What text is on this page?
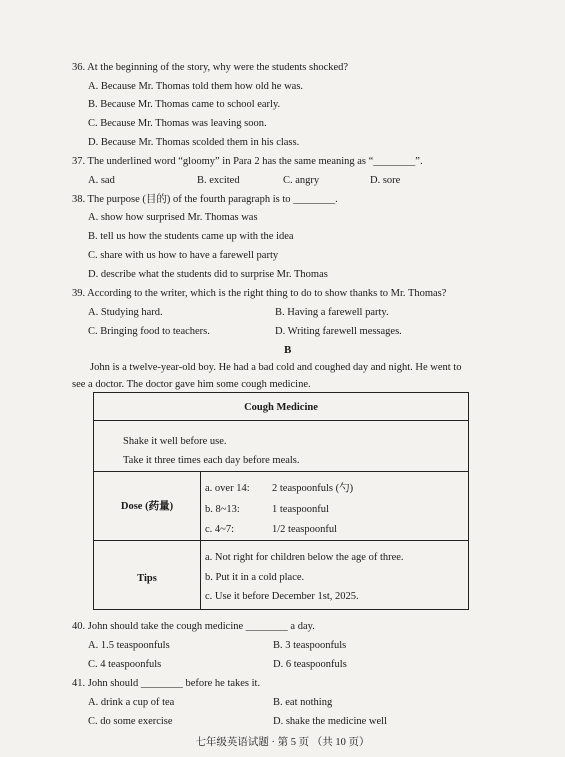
36. At the beginning of the story, why were the students shocked?
A. Because Mr. Thomas told them how old he was.
B. Because Mr. Thomas came to school early.
C. Because Mr. Thomas was leaving soon.
D. Because Mr. Thomas scolded them in his class.
37. The underlined word “gloomy” in Para 2 has the same meaning as “________”.
A. sad	B. excited	C. angry	D. sore
38. The purpose (目的) of the fourth paragraph is to ________.
A. show how surprised Mr. Thomas was
B. tell us how the students came up with the idea
C. share with us how to have a farewell party
D. describe what the students did to surprise Mr. Thomas
39. According to the writer, which is the right thing to do to show thanks to Mr. Thomas?
A. Studying hard.	B. Having a farewell party.
C. Bringing food to teachers.	D. Writing farewell messages.
B
John is a twelve-year-old boy. He had a bad cold and coughed day and night. He went to
see a doctor. The doctor gave him some cough medicine.
Cough Medicine
Shake it well before use.
Take it three times each day before meals.
Dose (药量)
a. over 14: 2 teaspoonfuls (勺)
b. 8~13:	1 teaspoonful
c. 4~7:	1/2 teaspoonful
Tips
a. Not right for children below the age of three.
b. Put it in a cold place.
c. Use it before December 1st, 2025.
40. John should take the cough medicine ________ a day.
A. 1.5 teaspoonfuls	B. 3 teaspoonfuls
C. 4 teaspoonfuls	D. 6 teaspoonfuls
41. John should ________ before he takes it.
A. drink a cup of tea	B. eat nothing
C. do some exercise	D. shake the medicine well
七年级英语试题 · 第 5 页 （共 10 页）
